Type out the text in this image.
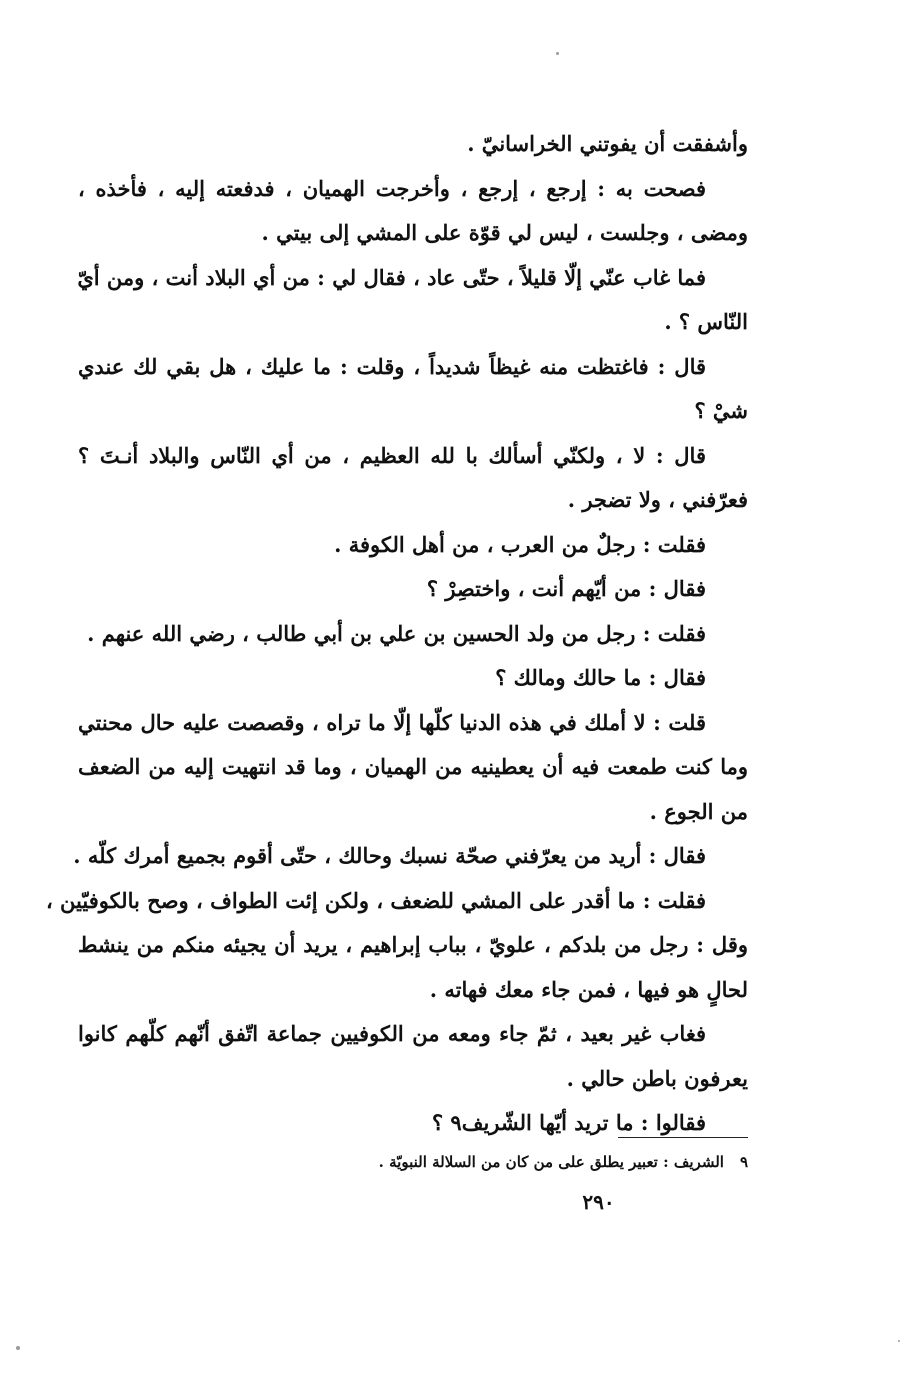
وأشفقت أن يفوتني الخراسانيّ .
فصحت به : إرجع ، إرجع ، وأخرجت الهميان ، فدفعته إليه ، فأخذه ،
ومضى ، وجلست ، ليس لي قوّة على المشي إلى بيتي .
فما غاب عنّي إلّا قليلاً ، حتّى عاد ، فقال لي : من أي البلاد أنت ، ومن أيّ
النّاس ؟ .
قال : فاغتظت منه غيظاً شديداً ، وقلت : ما عليك ، هل بقي لك عندي
شيْ ؟
قال : لا ، ولكنّي أسألك با لله العظيم ، من أي النّاس والبلاد أنـتَ ؟
فعرّفني ، ولا تضجر .
فقلت : رجلٌ من العرب ، من أهل الكوفة .
فقال : من أيّهم أنت ، واختصِرْ ؟
فقلت : رجل من ولد الحسين بن علي بن أبي طالب ، رضي الله عنهم .
فقال : ما حالك ومالك ؟
قلت : لا أملك في هذه الدنيا كلّها إلّا ما تراه ، وقصصت عليه حال محنتي
وما كنت طمعت فيه أن يعطينيه من الهميان ، وما قد انتهيت إليه من الضعف
من الجوع .
فقال : أريد من يعرّفني صحّة نسبك وحالك ، حتّى أقوم بجميع أمرك كلّه .
فقلت : ما أقدر على المشي للضعف ، ولكن إئت الطواف ، وصح بالكوفيّين ،
وقل : رجل من بلدكم ، علويّ ، بباب إبراهيم ، يريد أن يجيئه منكم من ينشط
لحالٍ هو فيها ، فمن جاء معك فهاته .
فغاب غير بعيد ، ثمّ جاء ومعه من الكوفيين جماعة اتّفق أنّهم كلّهم كانوا
يعرفون باطن حالي .
فقالوا : ما تريد أيّها الشّريف٩ ؟
٩الشريف : تعبير يطلق على من كان من السلالة النبويّة .
٢٩٠
